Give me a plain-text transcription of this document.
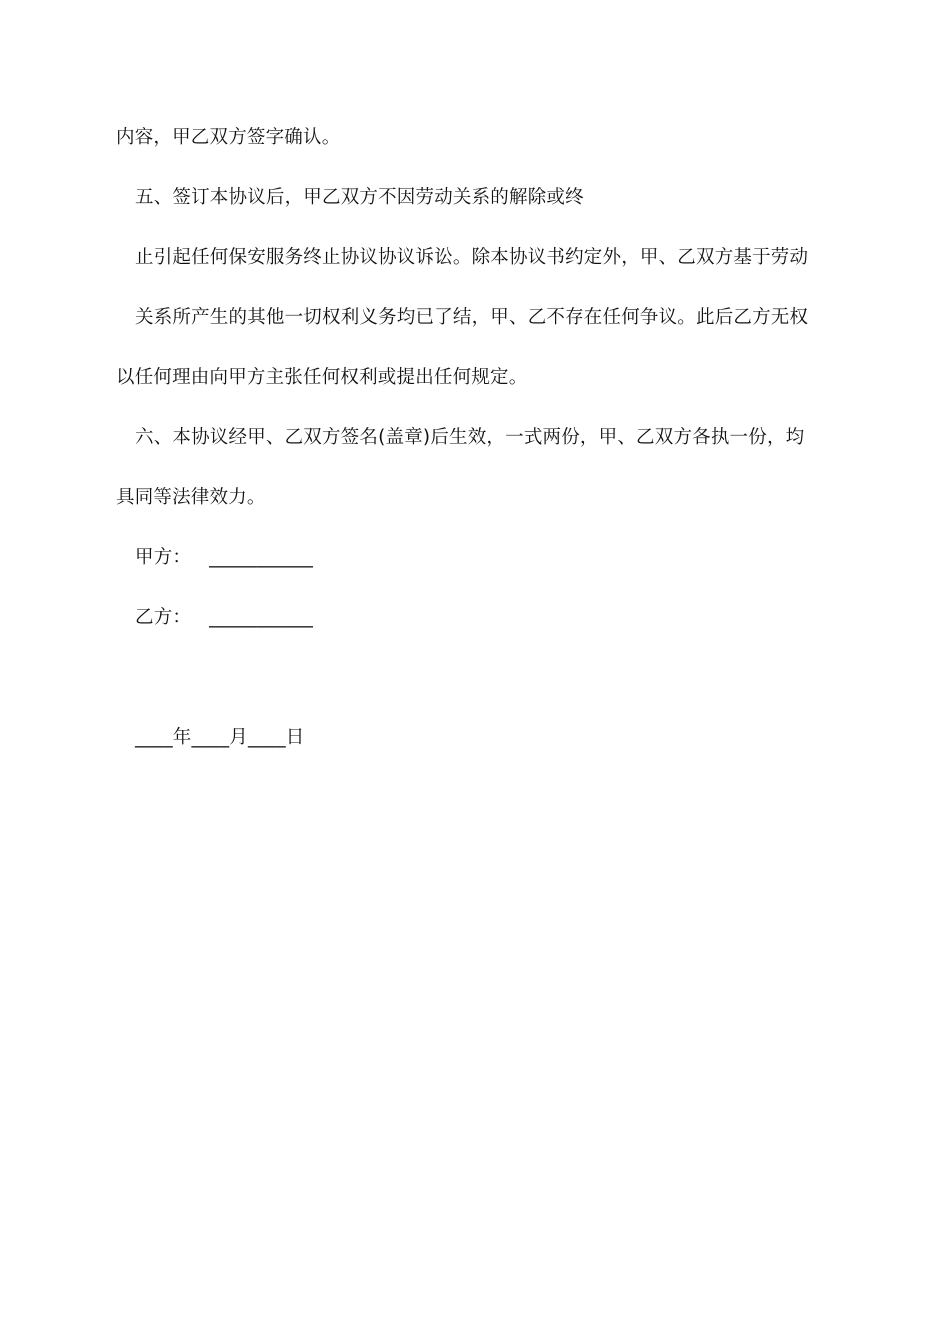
内容，甲乙双方签字确认。
五、签订本协议后，甲乙双方不因劳动关系的解除或终
止引起任何保安服务终止协议协议诉讼。除本协议书约定外，甲、乙双方基于劳动
关系所产生的其他一切权利义务均已了结，甲、乙不存在任何争议。此后乙方无权
以任何理由向甲方主张任何权利或提出任何规定。
六、本协议经甲、乙双方签名(盖章)后生效，一式两份，甲、乙双方各执一份，均
具同等法律效力。
甲方： ___________
乙方： ___________
____年____月____日
